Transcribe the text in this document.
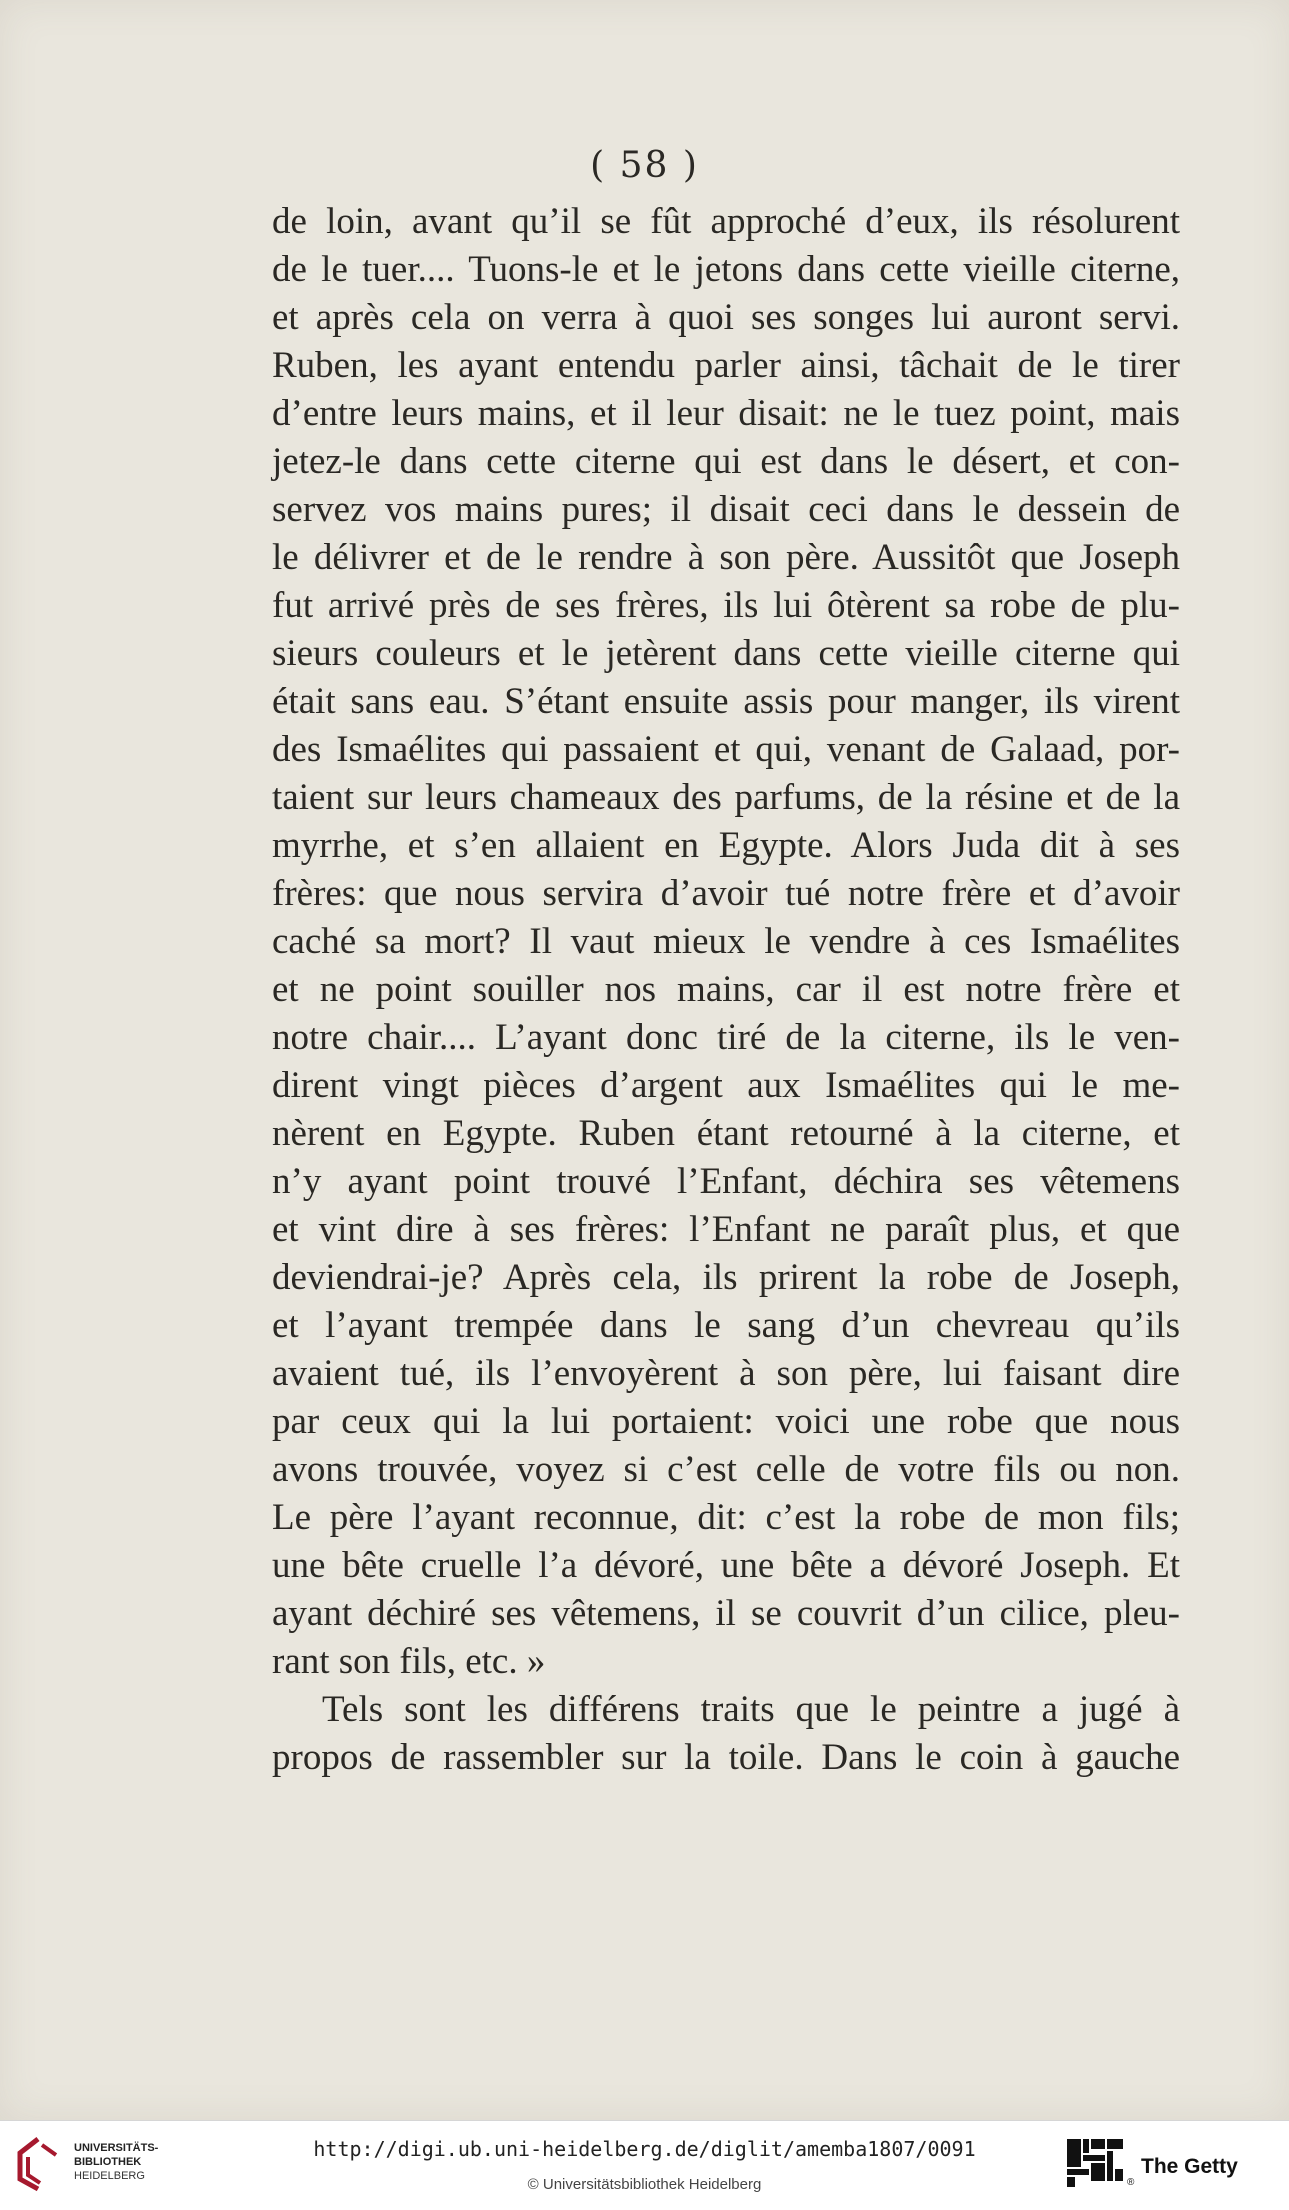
( 58 )
de loin, avant qu’il se fût approché d’eux, ils résolurent
de le tuer.... Tuons-le et le jetons dans cette vieille citerne,
et après cela on verra à quoi ses songes lui auront servi.
Ruben, les ayant entendu parler ainsi, tâchait de le tirer
d’entre leurs mains, et il leur disait: ne le tuez point, mais
jetez-le dans cette citerne qui est dans le désert, et con-
servez vos mains pures; il disait ceci dans le dessein de
le délivrer et de le rendre à son père. Aussitôt que Joseph
fut arrivé près de ses frères, ils lui ôtèrent sa robe de plu-
sieurs couleurs et le jetèrent dans cette vieille citerne qui
était sans eau. S’étant ensuite assis pour manger, ils virent
des Ismaélites qui passaient et qui, venant de Galaad, por-
taient sur leurs chameaux des parfums, de la résine et de la
myrrhe, et s’en allaient en Egypte. Alors Juda dit à ses
frères: que nous servira d’avoir tué notre frère et d’avoir
caché sa mort? Il vaut mieux le vendre à ces Ismaélites
et ne point souiller nos mains, car il est notre frère et
notre chair.... L’ayant donc tiré de la citerne, ils le ven-
dirent vingt pièces d’argent aux Ismaélites qui le me-
nèrent en Egypte. Ruben étant retourné à la citerne, et
n’y ayant point trouvé l’Enfant, déchira ses vêtemens
et vint dire à ses frères: l’Enfant ne paraît plus, et que
deviendrai-je? Après cela, ils prirent la robe de Joseph,
et l’ayant trempée dans le sang d’un chevreau qu’ils
avaient tué, ils l’envoyèrent à son père, lui faisant dire
par ceux qui la lui portaient: voici une robe que nous
avons trouvée, voyez si c’est celle de votre fils ou non.
Le père l’ayant reconnue, dit: c’est la robe de mon fils;
une bête cruelle l’a dévoré, une bête a dévoré Joseph. Et
ayant déchiré ses vêtemens, il se couvrit d’un cilice, pleu-
rant son fils, etc. »
Tels sont les différens traits que le peintre a jugé à
propos de rassembler sur la toile. Dans le coin à gauche
UNIVERSITÄTS-
BIBLIOTHEK
HEIDELBERG
http://digi.ub.uni-heidelberg.de/diglit/amemba1807/0091
© Universitätsbibliothek Heidelberg	®
The Getty
